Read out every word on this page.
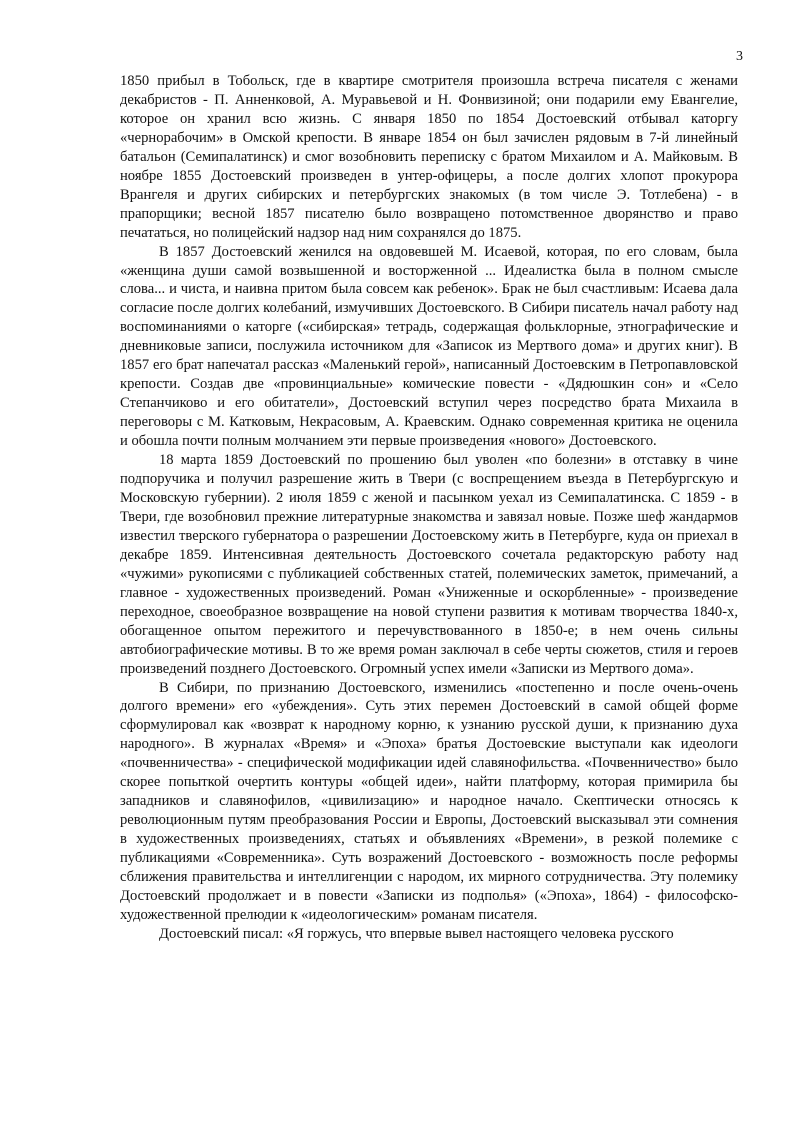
3

1850 прибыл в Тобольск, где в квартире смотрителя произошла встреча писателя с женами декабристов - П. Анненковой, А. Муравьевой и Н. Фонвизиной; они подарили ему Евангелие, которое он хранил всю жизнь. С января 1850 по 1854 Достоевский отбывал каторгу «чернорабочим» в Омской крепости. В январе 1854 он был зачислен рядовым в 7-й линейный батальон (Семипалатинск) и смог возобновить переписку с братом Михаилом и А. Майковым. В ноябре 1855 Достоевский произведен в унтер-офицеры, а после долгих хлопот прокурора Врангеля и других сибирских и петербургских знакомых (в том числе Э. Тотлебена) - в прапорщики; весной 1857 писателю было возвращено потомственное дворянство и право печататься, но полицейский надзор над ним сохранялся до 1875.

В 1857 Достоевский женился на овдовевшей М. Исаевой, которая, по его словам, была «женщина души самой возвышенной и восторженной ... Идеалистка была в полном смысле слова... и чиста, и наивна притом была совсем как ребенок». Брак не был счастливым: Исаева дала согласие после долгих колебаний, измучивших Достоевского. В Сибири писатель начал работу над воспоминаниями о каторге («сибирская» тетрадь, содержащая фольклорные, этнографические и дневниковые записи, послужила источником для «Записок из Мертвого дома» и других книг). В 1857 его брат напечатал рассказ «Маленький герой», написанный Достоевским в Петропавловской крепости. Создав две «провинциальные» комические повести - «Дядюшкин сон» и «Село Степанчиково и его обитатели», Достоевский вступил через посредство брата Михаила в переговоры с М. Катковым, Некрасовым, А. Краевским. Однако современная критика не оценила и обошла почти полным молчанием эти первые произведения «нового» Достоевского.

18 марта 1859 Достоевский по прошению был уволен «по болезни» в отставку в чине подпоручика и получил разрешение жить в Твери (с воспрещением въезда в Петербургскую и Московскую губернии). 2 июля 1859 с женой и пасынком уехал из Семипалатинска. С 1859 - в Твери, где возобновил прежние литературные знакомства и завязал новые. Позже шеф жандармов известил тверского губернатора о разрешении Достоевскому жить в Петербурге, куда он приехал в декабре 1859. Интенсивная деятельность Достоевского сочетала редакторскую работу над «чужими» рукописями с публикацией собственных статей, полемических заметок, примечаний, а главное - художественных произведений. Роман «Униженные и оскорбленные» - произведение переходное, своеобразное возвращение на новой ступени развития к мотивам творчества 1840-х, обогащенное опытом пережитого и перечувствованного в 1850-е; в нем очень сильны автобиографические мотивы. В то же время роман заключал в себе черты сюжетов, стиля и героев произведений позднего Достоевского. Огромный успех имели «Записки из Мертвого дома».

В Сибири, по признанию Достоевского, изменились «постепенно и после очень-очень долгого времени» его «убеждения». Суть этих перемен Достоевский в самой общей форме сформулировал как «возврат к народному корню, к узнанию русской души, к признанию духа народного». В журналах «Время» и «Эпоха» братья Достоевские выступали как идеологи «почвенничества» - специфической модификации идей славянофильства. «Почвенничество» было скорее попыткой очертить контуры «общей идеи», найти платформу, которая примирила бы западников и славянофилов, «цивилизацию» и народное начало. Скептически относясь к революционным путям преобразования России и Европы, Достоевский высказывал эти сомнения в художественных произведениях, статьях и объявлениях «Времени», в резкой полемике с публикациями «Современника». Суть возражений Достоевского - возможность после реформы сближения правительства и интеллигенции с народом, их мирного сотрудничества. Эту полемику Достоевский продолжает и в повести «Записки из подполья» («Эпоха», 1864) - философско-художественной прелюдии к «идеологическим» романам писателя.

Достоевский писал: «Я горжусь, что впервые вывел настоящего человека русского
